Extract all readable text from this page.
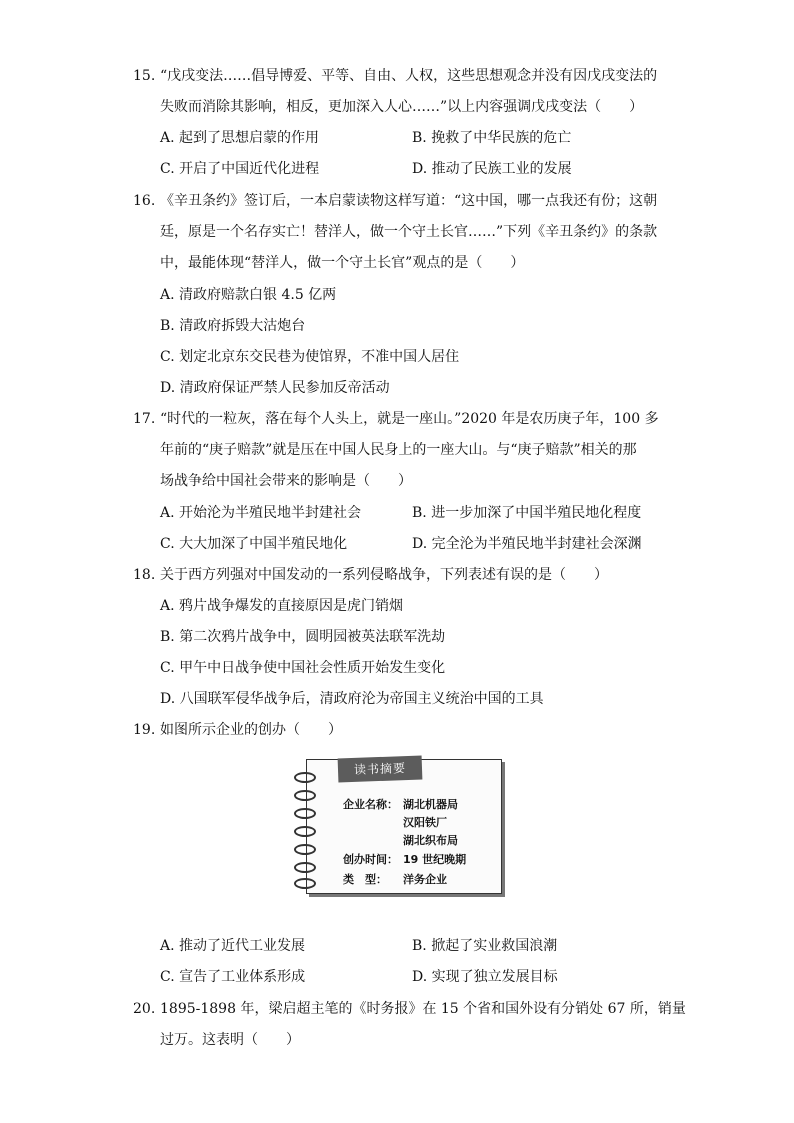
15. “戊戌变法……倡导博爱、平等、自由、人权，这些思想观念并没有因戊戌变法的
失败而消除其影响，相反，更加深入人心……”以上内容强调戊戌变法（　　）
A. 起到了思想启蒙的作用	B. 挽救了中华民族的危亡
C. 开启了中国近代化进程	D. 推动了民族工业的发展
16. 《辛丑条约》签订后，一本启蒙读物这样写道：“这中国，哪一点我还有份；这朝
廷，原是一个名存实亡！替洋人，做一个守土长官……”下列《辛丑条约》的条款
中，最能体现“替洋人，做一个守土长官”观点的是（　　）
A. 清政府赔款白银 4.5 亿两
B. 清政府拆毁大沽炮台
C. 划定北京东交民巷为使馆界，不准中国人居住
D. 清政府保证严禁人民参加反帝活动
17. “时代的一粒灰，落在每个人头上，就是一座山。”2020 年是农历庚子年，100 多
年前的“庚子赔款”就是压在中国人民身上的一座大山。与“庚子赔款”相关的那
场战争给中国社会带来的影响是（　　）
A. 开始沦为半殖民地半封建社会	B. 进一步加深了中国半殖民地化程度
C. 大大加深了中国半殖民地化	D. 完全沦为半殖民地半封建社会深渊
18. 关于西方列强对中国发动的一系列侵略战争，下列表述有误的是（　　）
A. 鸦片战争爆发的直接原因是虎门销烟
B. 第二次鸦片战争中，圆明园被英法联军洗劫
C. 甲午中日战争使中国社会性质开始发生变化
D. 八国联军侵华战争后，清政府沦为帝国主义统治中国的工具
19. 如图所示企业的创办（　　）
读书摘要
企业名称： 湖北机器局
汉阳铁厂
湖北织布局
创办时间： 19 世纪晚期
类　型： 洋务企业
A. 推动了近代工业发展	B. 掀起了实业救国浪潮
C. 宣告了工业体系形成	D. 实现了独立发展目标
20. 1895-1898 年，梁启超主笔的《时务报》在 15 个省和国外设有分销处 67 所，销量
过万。这表明（　　）
